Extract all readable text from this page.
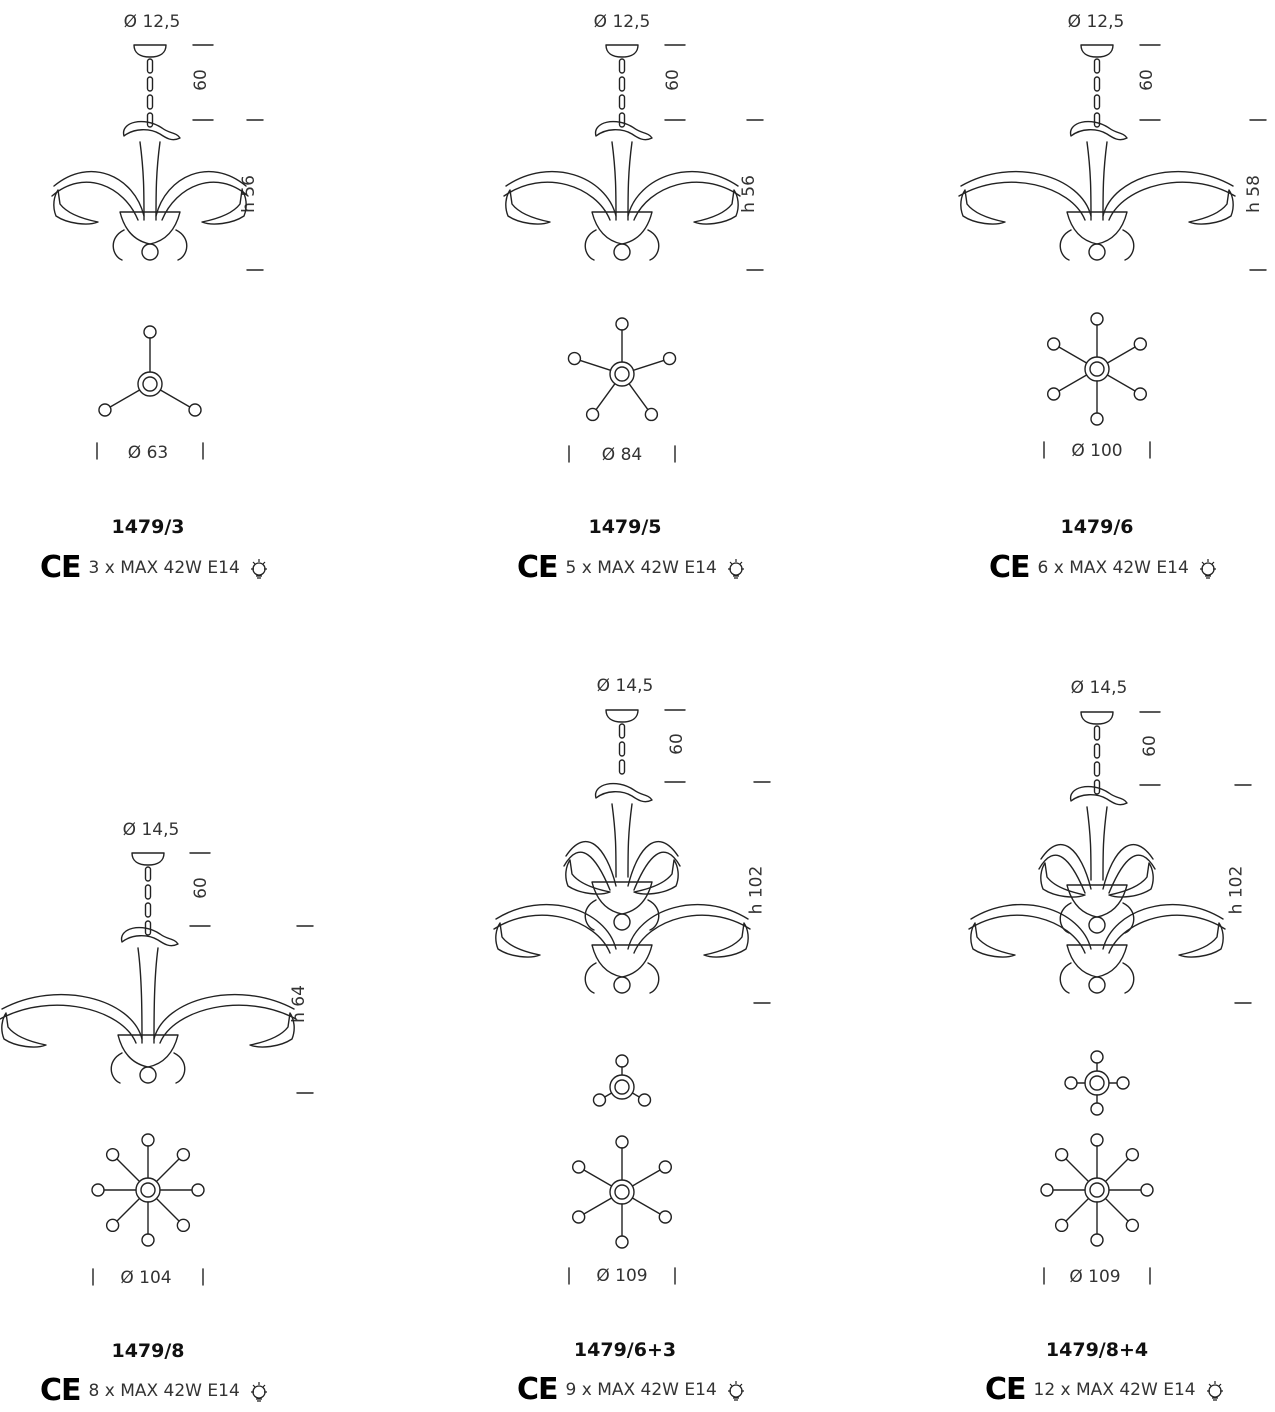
Ø 12,5
60
h 56
Ø 63
1479/3
CE 3 x MAX 42W E14
Ø 12,5
60
h 56
Ø 84
1479/5
CE 5 x MAX 42W E14
Ø 12,5
60
h 58
Ø 100
1479/6
CE 6 x MAX 42W E14
Ø 14,5
60
h 64
Ø 104
1479/8
CE 8 x MAX 42W E14
Ø 14,5
60
h 102
Ø 109
1479/6+3
CE 9 x MAX 42W E14
Ø 14,5
60
h 102
Ø 109
1479/8+4
CE 12 x MAX 42W E14
